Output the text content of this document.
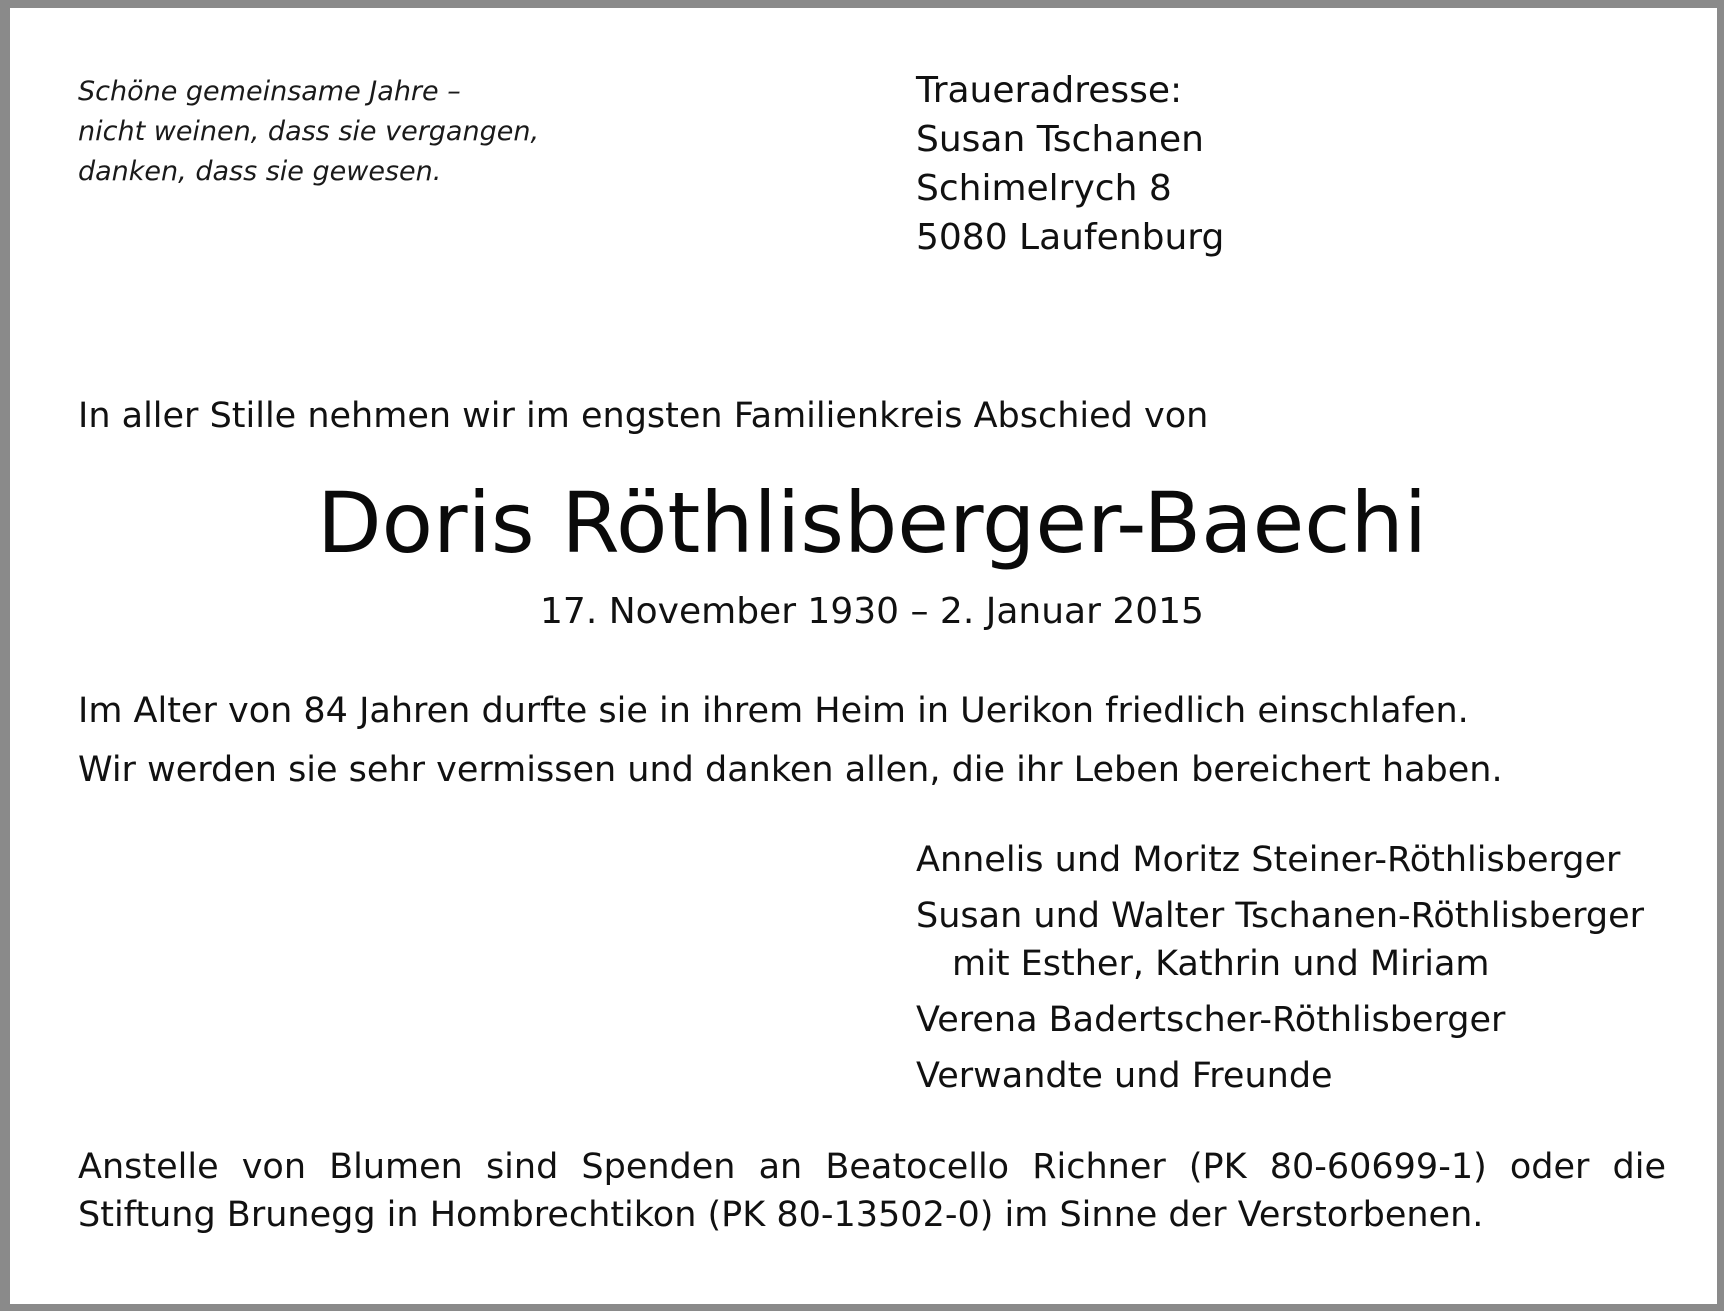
Schöne gemeinsame Jahre –
nicht weinen, dass sie vergangen,
danken, dass sie gewesen.
Traueradresse:
Susan Tschanen
Schimelrych 8
5080 Laufenburg
In aller Stille nehmen wir im engsten Familienkreis Abschied von
Doris Röthlisberger-Baechi
17. November 1930 – 2. Januar 2015
Im Alter von 84 Jahren durfte sie in ihrem Heim in Uerikon friedlich einschlafen.
Wir werden sie sehr vermissen und danken allen, die ihr Leben bereichert haben.
Annelis und Moritz Steiner-Röthlisberger
Susan und Walter Tschanen-Röthlisberger
mit Esther, Kathrin und Miriam
Verena Badertscher-Röthlisberger
Verwandte und Freunde
Anstelle von Blumen sind Spenden an Beatocello Richner (PK 80-60699-1) oder die
Stiftung Brunegg in Hombrechtikon (PK 80-13502-0) im Sinne der Verstorbenen.
